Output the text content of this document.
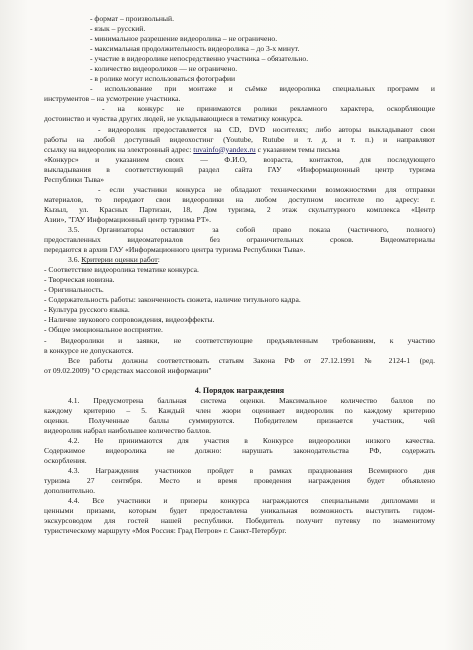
- формат – произвольный.
- язык – русский.
- минимальное разрешение видеоролика – не ограничено.
- максимальная продолжительность видеоролика – до 3-х минут.
- участие в видеоролике непосредственно участника – обязательно.
- количество видеороликов — не ограничено.
- в ролике могут использоваться фотографии
- использование при монтаже и съёмке видеоролика специальных программ и
инструментов – на усмотрение участника.
- на конкурс не принимаются ролики рекламного характера, оскорбляющие
достоинство и чувства других людей, не укладывающиеся в тематику конкурса.
- видеоролик предоставляется на CD, DVD носителях; либо авторы выкладывают свои
работы на любой доступный видеохостинг (Youtube, Rutube и т. д. и т. п.) и направляют
ссылку на видеоролик на электронный адрес: tuvainfo@yandex.ru с указанием темы письма
«Конкурс» и указанием своих — Ф.И.О, возраста, контактов, для последующего
выкладывания в соответствующий раздел сайта ГАУ «Информационный центр туризма
Республики Тыва»
- если участники конкурса не обладают техническими возможностями для отправки
материалов, то передают свои видеоролики на любом доступном носителе по адресу: г.
Кызыл, ул. Красных Партизан, 18, Дом туризма, 2 этаж скульптурного комплекса «Центр
Азии», "ГАУ Информационный центр туризма РТ».
3.5. Организаторы оставляют за собой право показа (частичного, полного)
предоставленных видеоматериалов без ограничительных сроков. Видеоматериалы
передаются в архив ГАУ «Информационного центра туризма Республики Тыва».
3.6. Критерии оценки работ:
- Соответствие видеоролика тематике конкурса.
- Творческая новизна.
- Оригинальность.
- Содержательность работы: законченность сюжета, наличие титульного кадра.
- Культура русского языка.
- Наличие звукового сопровождения, видеоэффекты.
- Общее эмоциональное восприятие.
- Видеоролики и заявки, не соответствующие предъявленным требованиям, к участию
в конкурсе не допускаются.
Все работы должны соответствовать статьям Закона РФ от 27.12.1991 № 2124-1 (ред.
от 09.02.2009) "О средствах массовой информации"
4. Порядок награждения
4.1. Предусмотрена балльная система оценки. Максимальное количество баллов по
каждому критерию – 5. Каждый член жюри оценивает видеоролик по каждому критерию
оценки. Полученные баллы суммируются. Победителем признается участник, чей
видеоролик набрал наибольшее количество баллов.
4.2. Не принимаются для участия в Конкурсе видеоролики низкого качества.
Содержимое видеоролика не должно: нарушать законодательства РФ, содержать
оскорбления.
4.3. Награждения участников пройдет в рамках празднования Всемирного дня
туризма 27 сентября. Место и время проведения награждения будет объявлено
дополнительно.
4.4. Все участники и призеры конкурса награждаются специальными дипломами и
ценными призами, которым будет предоставлена уникальная возможность выступить гидом-
экскурсоводом для гостей нашей республики. Победитель получит путевку по знаменитому
туристическому маршруту «Моя Россия: Град Петров» г. Санкт-Петербург.
